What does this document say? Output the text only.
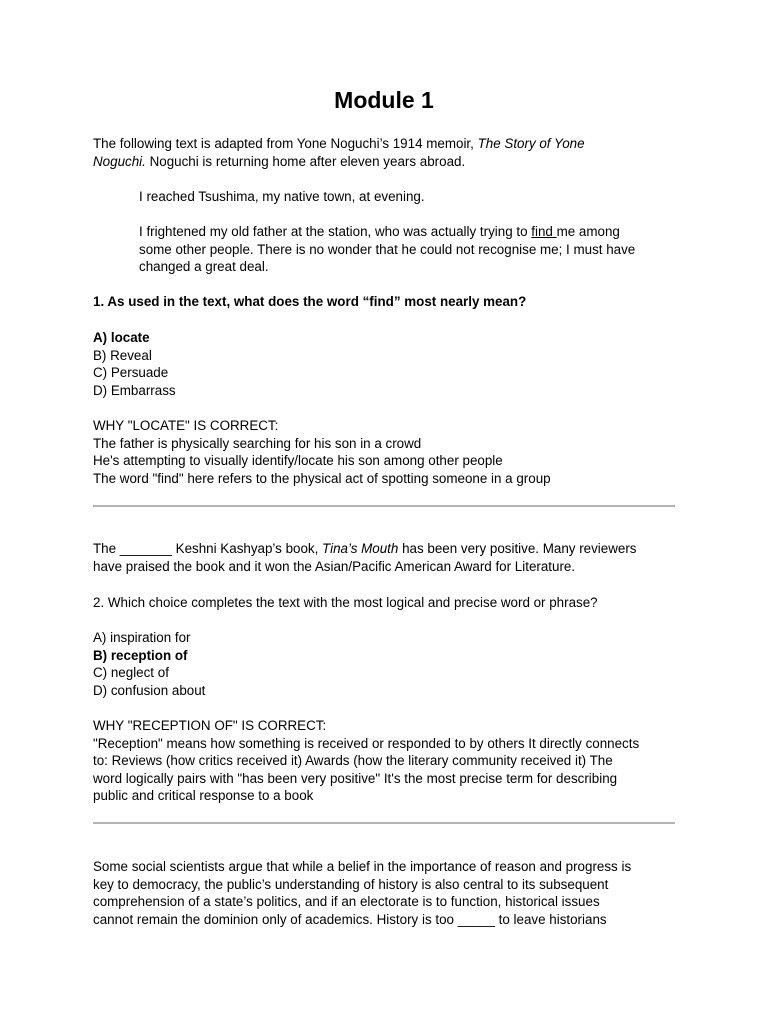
Module 1
The following text is adapted from Yone Noguchi’s 1914 memoir, The Story of Yone
Noguchi. Noguchi is returning home after eleven years abroad.
I reached Tsushima, my native town, at evening.
I frightened my old father at the station, who was actually trying to find me among
some other people. There is no wonder that he could not recognise me; I must have
changed a great deal.
1. As used in the text, what does the word “find” most nearly mean?
A) locate
B) Reveal
C) Persuade
D) Embarrass
WHY "LOCATE" IS CORRECT:
The father is physically searching for his son in a crowd
He's attempting to visually identify/locate his son among other people
The word "find" here refers to the physical act of spotting someone in a group
The _______ Keshni Kashyap’s book, Tina’s Mouth has been very positive. Many reviewers
have praised the book and it won the Asian/Pacific American Award for Literature.
2. Which choice completes the text with the most logical and precise word or phrase?
A) inspiration for
B) reception of
C) neglect of
D) confusion about
WHY "RECEPTION OF" IS CORRECT:
"Reception" means how something is received or responded to by others It directly connects
to: Reviews (how critics received it) Awards (how the literary community received it) The
word logically pairs with "has been very positive" It's the most precise term for describing
public and critical response to a book
Some social scientists argue that while a belief in the importance of reason and progress is
key to democracy, the public’s understanding of history is also central to its subsequent
comprehension of a state’s politics, and if an electorate is to function, historical issues
cannot remain the dominion only of academics. History is too _____ to leave historians
